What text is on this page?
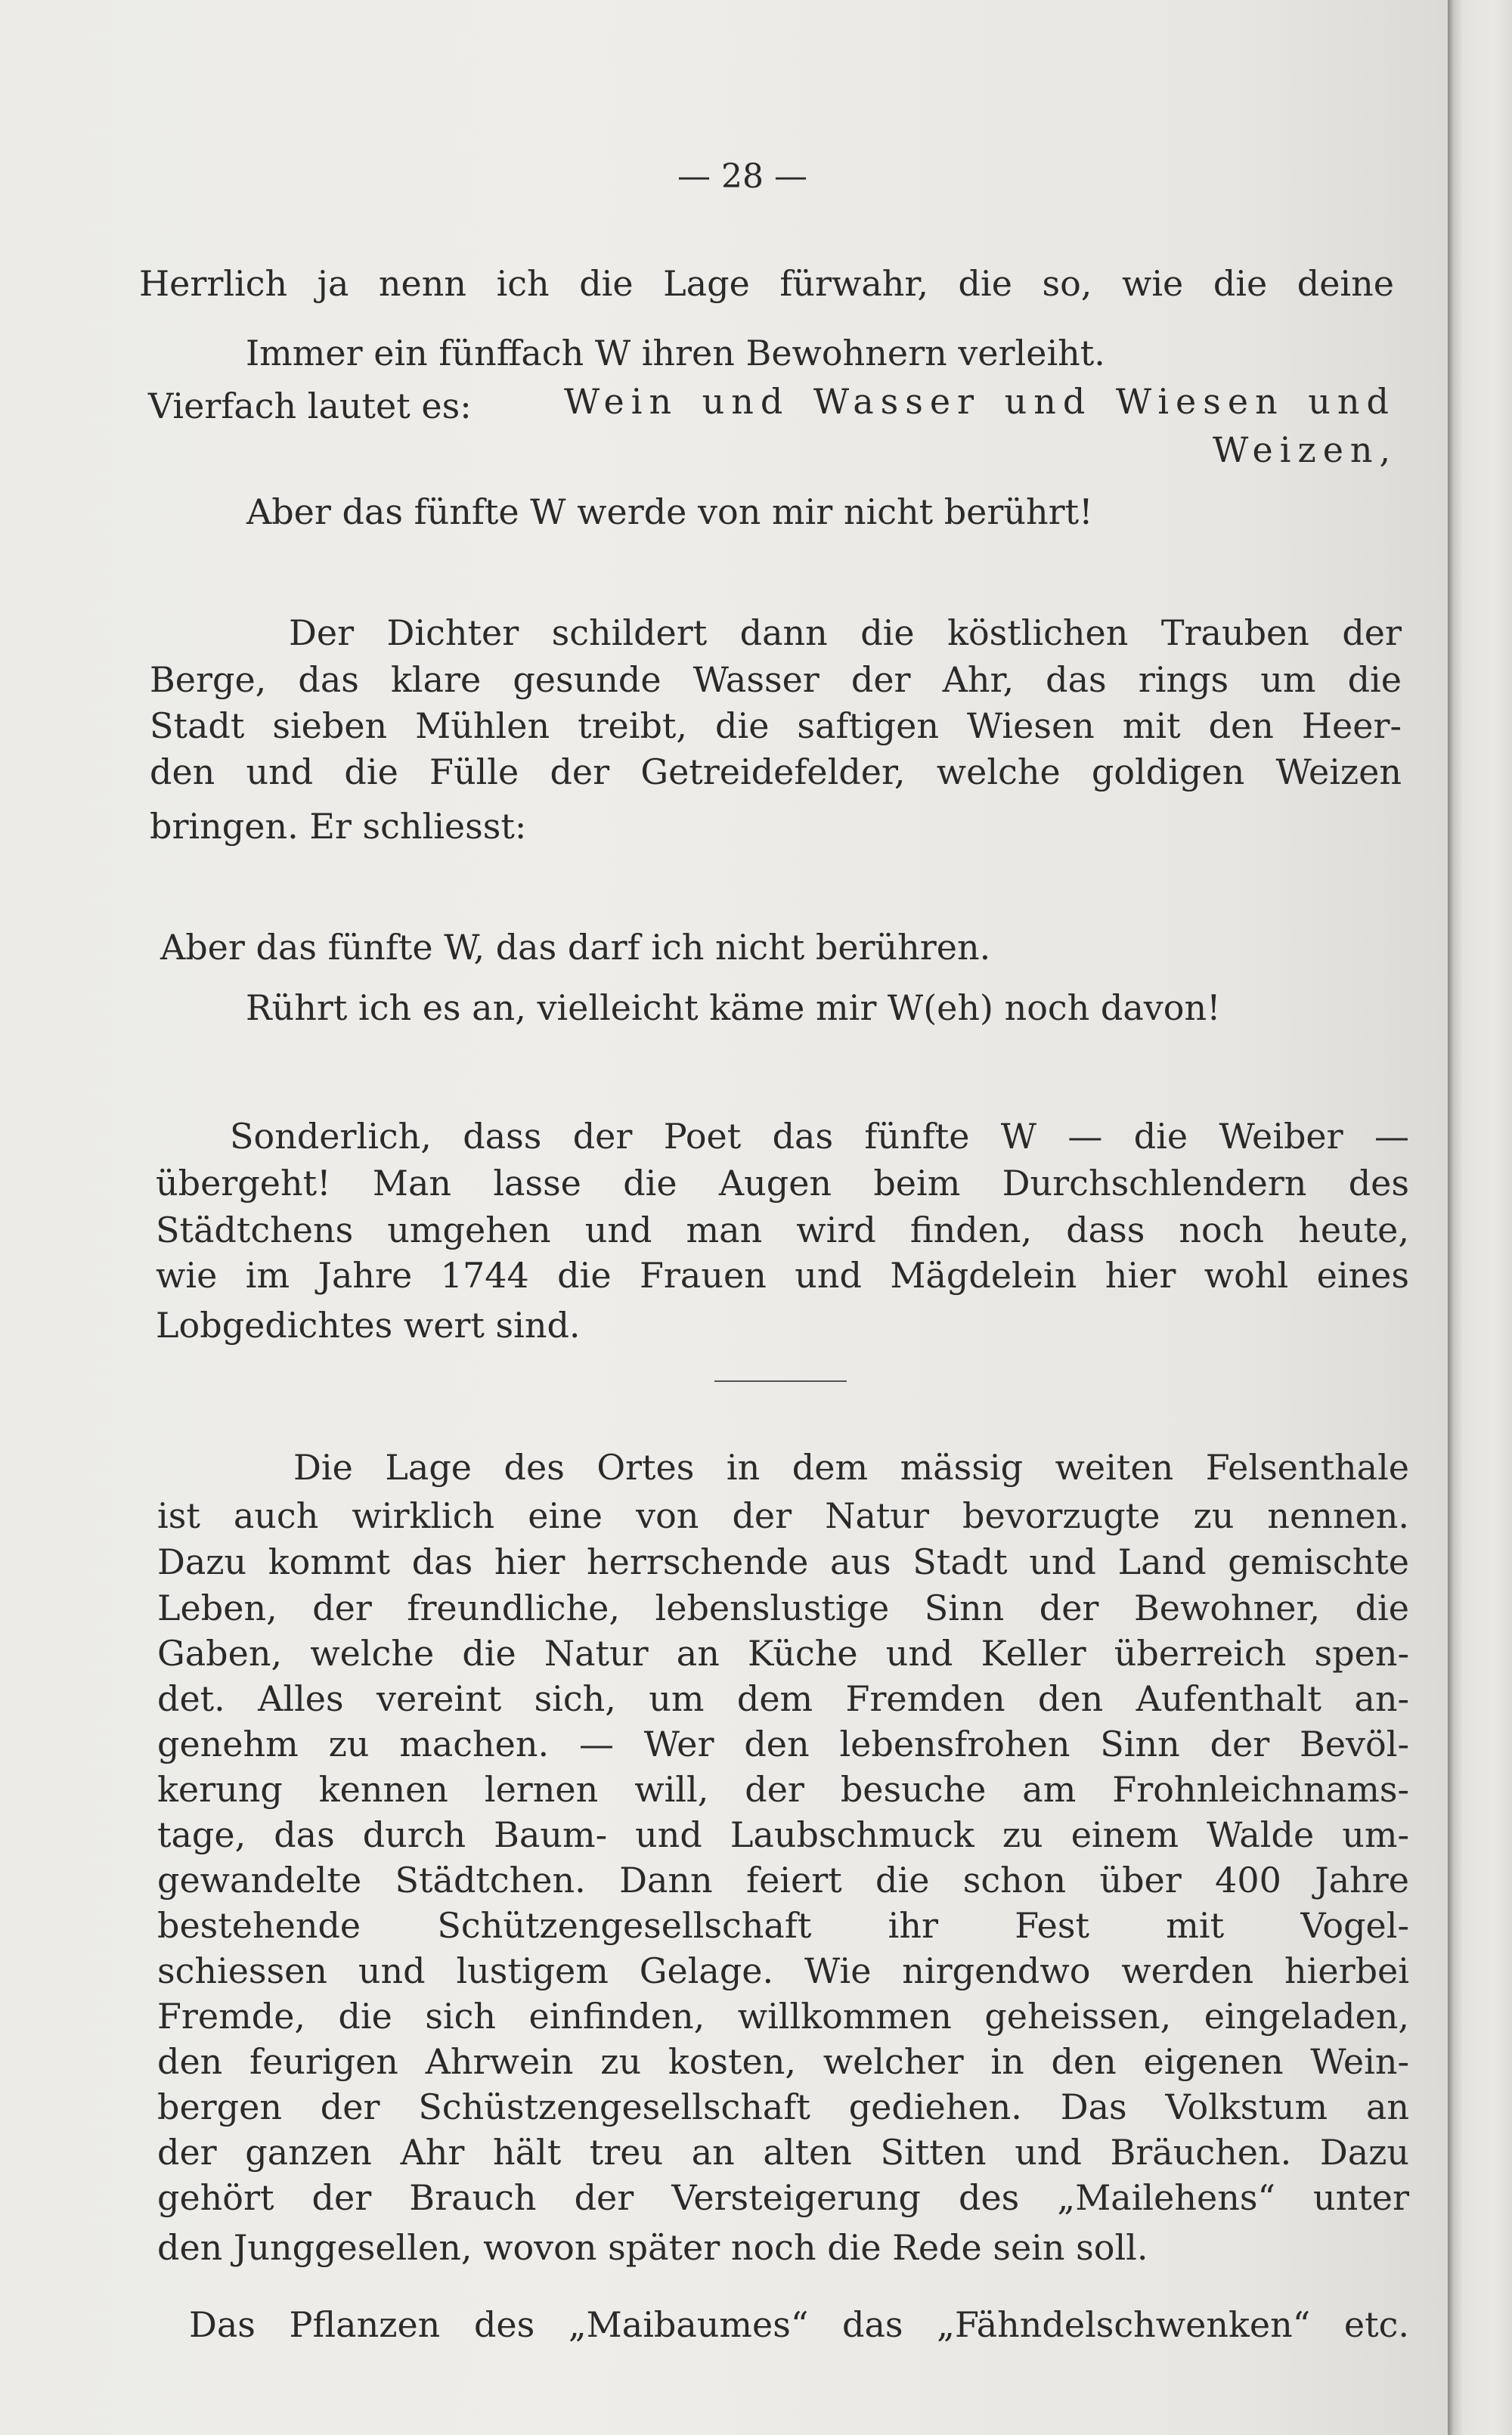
— 28 —
Herrlich ja nenn ich die Lage fürwahr, die so, wie die deine
Immer ein fünffach W ihren Bewohnern verleiht.
Vierfach lautet es:	Wein und Wasser und Wiesen und
Weizen,
Aber das fünfte W werde von mir nicht berührt!
Der Dichter schildert dann die köstlichen Trauben der
Berge, das klare gesunde Wasser der Ahr, das rings um die
Stadt sieben Mühlen treibt, die saftigen Wiesen mit den Heer-
den und die Fülle der Getreidefelder, welche goldigen Weizen
bringen. Er schliesst:
Aber das fünfte W, das darf ich nicht berühren.
Rührt ich es an, vielleicht käme mir W(eh) noch davon!
Sonderlich, dass der Poet das fünfte W — die Weiber —
übergeht! Man lasse die Augen beim Durchschlendern des
Städtchens umgehen und man wird finden, dass noch heute,
wie im Jahre 1744 die Frauen und Mägdelein hier wohl eines
Lobgedichtes wert sind.
Die Lage des Ortes in dem mässig weiten Felsenthale
ist auch wirklich eine von der Natur bevorzugte zu nennen.
Dazu kommt das hier herrschende aus Stadt und Land gemischte
Leben, der freundliche, lebenslustige Sinn der Bewohner, die
Gaben, welche die Natur an Küche und Keller überreich spen-
det. Alles vereint sich, um dem Fremden den Aufenthalt an-
genehm zu machen. — Wer den lebensfrohen Sinn der Bevöl-
kerung kennen lernen will, der besuche am Frohnleichnams-
tage, das durch Baum- und Laubschmuck zu einem Walde um-
gewandelte Städtchen. Dann feiert die schon über 400 Jahre
bestehende Schützengesellschaft ihr Fest mit Vogel-
schiessen und lustigem Gelage. Wie nirgendwo werden hierbei
Fremde, die sich einfinden, willkommen geheissen, eingeladen,
den feurigen Ahrwein zu kosten, welcher in den eigenen Wein-
bergen der Schüstzengesellschaft gediehen. Das Volkstum an
der ganzen Ahr hält treu an alten Sitten und Bräuchen. Dazu
gehört der Brauch der Versteigerung des „Mailehens“ unter
den Junggesellen, wovon später noch die Rede sein soll.
Das Pflanzen des „Maibaumes“ das „Fähndelschwenken“ etc.
